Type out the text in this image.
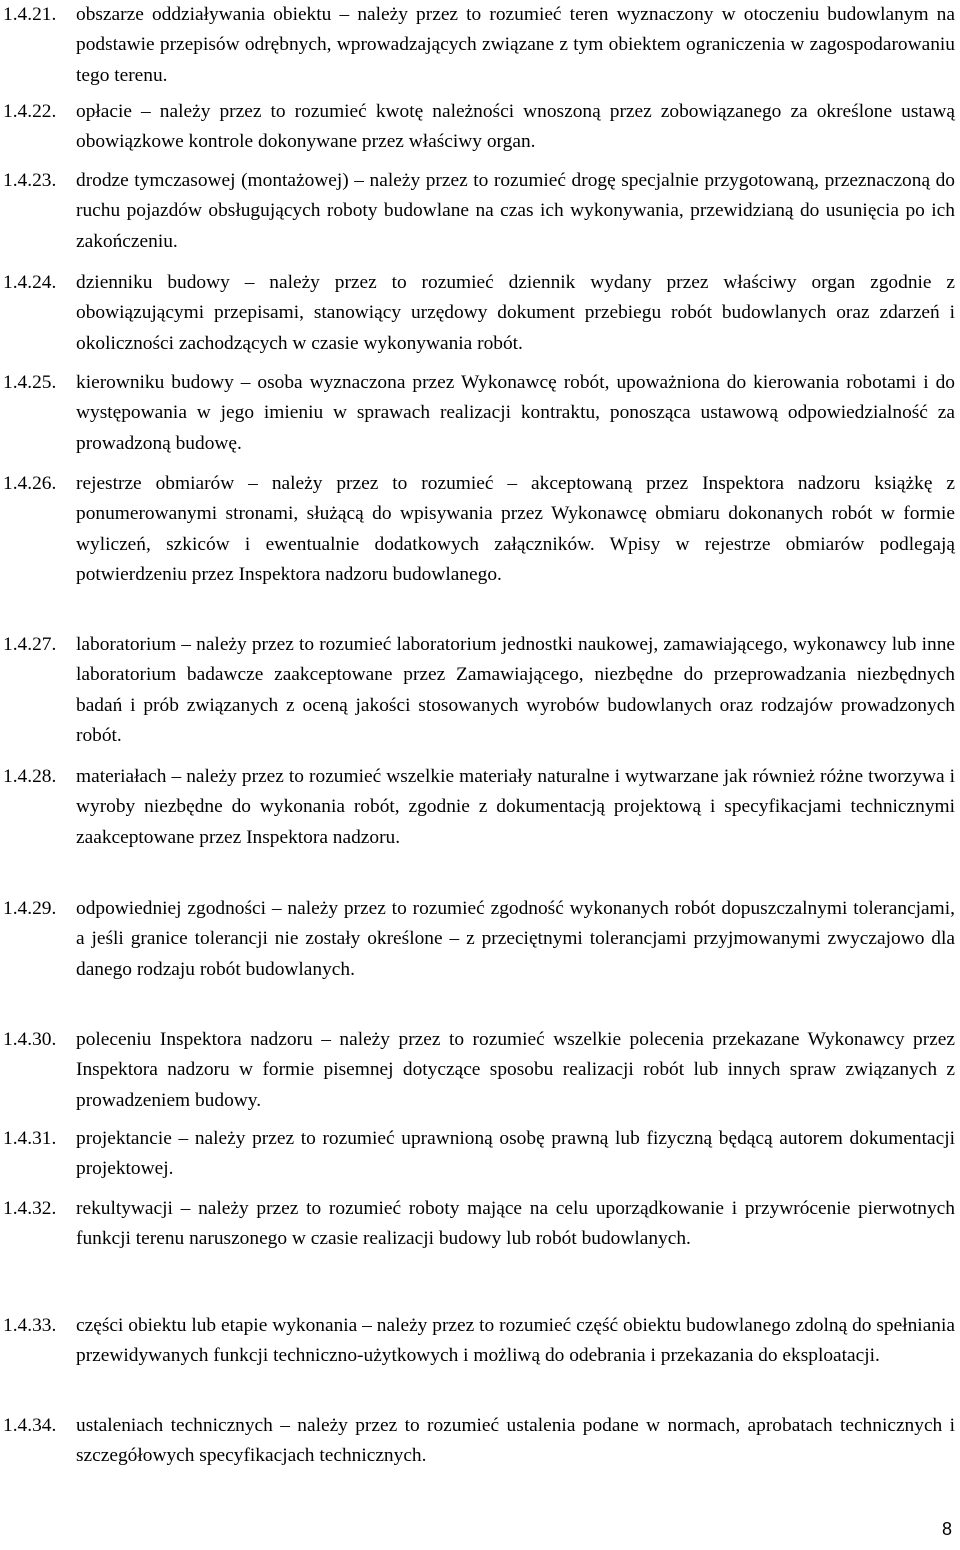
1.4.21. obszarze oddziaływania obiektu – należy przez to rozumieć teren wyznaczony w otoczeniu budowlanym na podstawie przepisów odrębnych, wprowadzających związane z tym obiektem ograniczenia w zagospodarowaniu tego terenu.
1.4.22. opłacie – należy przez to rozumieć kwotę należności wnoszoną przez zobowiązanego za określone ustawą obowiązkowe kontrole dokonywane przez właściwy organ.
1.4.23. drodze tymczasowej (montażowej) – należy przez to rozumieć drogę specjalnie przygotowaną, przeznaczoną do ruchu pojazdów obsługujących roboty budowlane na czas ich wykonywania, przewidzianą do usunięcia po ich zakończeniu.
1.4.24. dzienniku budowy – należy przez to rozumieć dziennik wydany przez właściwy organ zgodnie z obowiązującymi przepisami, stanowiący urzędowy dokument przebiegu robót budowlanych oraz zdarzeń i okoliczności zachodzących w czasie wykonywania robót.
1.4.25. kierowniku budowy – osoba wyznaczona przez Wykonawcę robót, upoważniona do kierowania robotami i do występowania w jego imieniu w sprawach realizacji kontraktu, ponosząca ustawową odpowiedzialność za prowadzoną budowę.
1.4.26. rejestrze obmiarów – należy przez to rozumieć – akceptowaną przez Inspektora nadzoru książkę z ponumerowanymi stronami, służącą do wpisywania przez Wykonawcę obmiaru dokonanych robót w formie wyliczeń, szkiców i ewentualnie dodatkowych załączników. Wpisy w rejestrze obmiarów podlegają potwierdzeniu przez Inspektora nadzoru budowlanego.
1.4.27. laboratorium – należy przez to rozumieć laboratorium jednostki naukowej, zamawiającego, wykonawcy lub inne laboratorium badawcze zaakceptowane przez Zamawiającego, niezbędne do przeprowadzania niezbędnych badań i prób związanych z oceną jakości stosowanych wyrobów budowlanych oraz rodzajów prowadzonych robót.
1.4.28. materiałach – należy przez to rozumieć wszelkie materiały naturalne i wytwarzane jak również różne tworzywa i wyroby niezbędne do wykonania robót, zgodnie z dokumentacją projektową i specyfikacjami technicznymi zaakceptowane przez Inspektora nadzoru.
1.4.29. odpowiedniej zgodności – należy przez to rozumieć zgodność wykonanych robót dopuszczalnymi tolerancjami, a jeśli granice tolerancji nie zostały określone – z przeciętnymi tolerancjami przyjmowanymi zwyczajowo dla danego rodzaju robót budowlanych.
1.4.30. poleceniu Inspektora nadzoru – należy przez to rozumieć wszelkie polecenia przekazane Wykonawcy przez Inspektora nadzoru w formie pisemnej dotyczące sposobu realizacji robót lub innych spraw związanych z prowadzeniem budowy.
1.4.31. projektancie – należy przez to rozumieć uprawnioną osobę prawną lub fizyczną będącą autorem dokumentacji projektowej.
1.4.32. rekultywacji – należy przez to rozumieć roboty mające na celu uporządkowanie i przywrócenie pierwotnych funkcji terenu naruszonego w czasie realizacji budowy lub robót budowlanych.
1.4.33. części obiektu lub etapie wykonania – należy przez to rozumieć część obiektu budowlanego zdolną do spełniania przewidywanych funkcji techniczno-użytkowych i możliwą do odebrania i przekazania do eksploatacji.
1.4.34. ustaleniach technicznych – należy przez to rozumieć ustalenia podane w normach, aprobatach technicznych i szczegółowych specyfikacjach technicznych.
8
